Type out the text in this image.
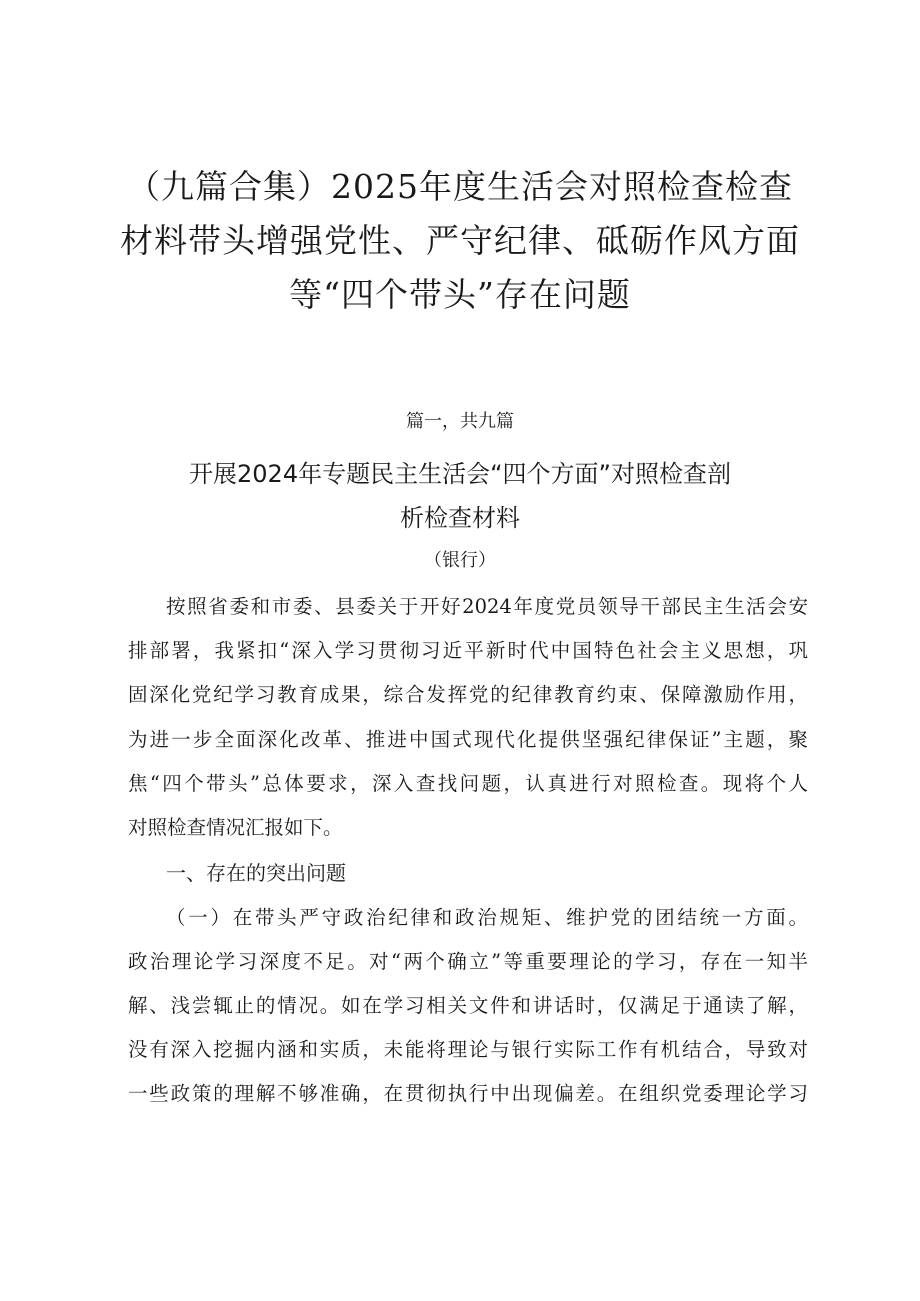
（九篇合集）2025年度生活会对照检查检查
材料带头增强党性、严守纪律、砥砺作风方面
等“四个带头”存在问题
篇一，共九篇
开展2024年专题民主生活会“四个方面”对照检查剖
析检查材料
（银行）
按照省委和市委、县委关于开好2024年度党员领导干部民主生活会安
排部署，我紧扣“深入学习贯彻习近平新时代中国特色社会主义思想，巩
固深化党纪学习教育成果，综合发挥党的纪律教育约束、保障激励作用，
为进一步全面深化改革、推进中国式现代化提供坚强纪律保证”主题，聚
焦“四个带头”总体要求，深入查找问题，认真进行对照检查。现将个人
对照检查情况汇报如下。
一、存在的突出问题
（一）在带头严守政治纪律和政治规矩、维护党的团结统一方面。
政治理论学习深度不足。对“两个确立”等重要理论的学习，存在一知半
解、浅尝辄止的情况。如在学习相关文件和讲话时，仅满足于通读了解，
没有深入挖掘内涵和实质，未能将理论与银行实际工作有机结合，导致对
一些政策的理解不够准确，在贯彻执行中出现偏差。在组织党委理论学习
